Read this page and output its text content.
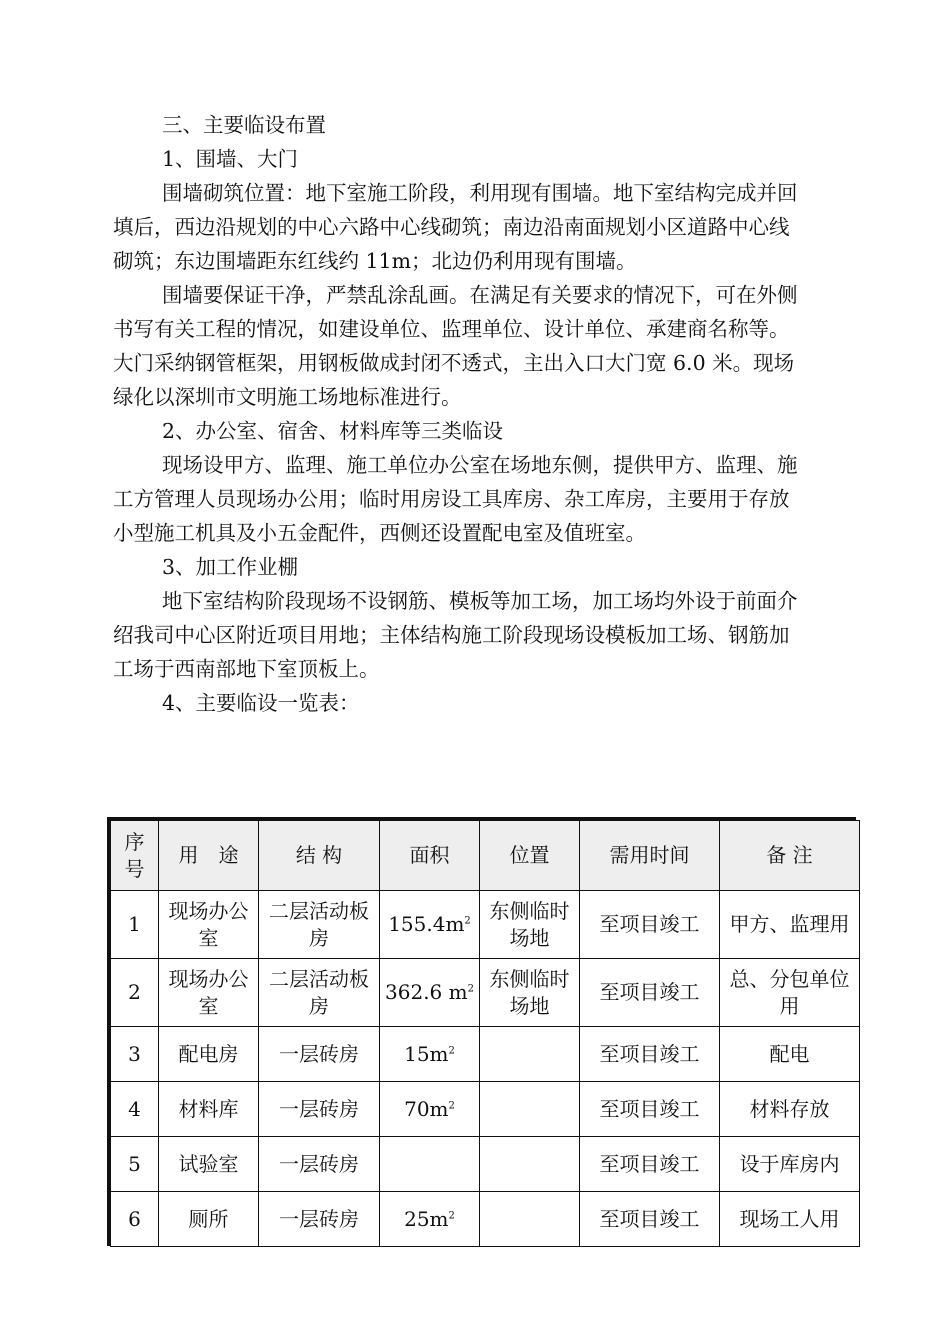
三、主要临设布置
1、围墙、大门
围墙砌筑位置：地下室施工阶段，利用现有围墙。地下室结构完成并回
填后，西边沿规划的中心六路中心线砌筑；南边沿南面规划小区道路中心线
砌筑；东边围墙距东红线约 11m；北边仍利用现有围墙。
围墙要保证干净，严禁乱涂乱画。在满足有关要求的情况下，可在外侧
书写有关工程的情况，如建设单位、监理单位、设计单位、承建商名称等。
大门采纳钢管框架，用钢板做成封闭不透式，主出入口大门宽 6.0 米。现场
绿化以深圳市文明施工场地标准进行。
2、办公室、宿舍、材料库等三类临设
现场设甲方、监理、施工单位办公室在场地东侧，提供甲方、监理、施
工方管理人员现场办公用；临时用房设工具库房、杂工库房，主要用于存放
小型施工机具及小五金配件，西侧还设置配电室及值班室。
3、加工作业棚
地下室结构阶段现场不设钢筋、模板等加工场，加工场均外设于前面介
绍我司中心区附近项目用地；主体结构施工阶段现场设模板加工场、钢筋加
工场于西南部地下室顶板上。
4、主要临设一览表：
序号	用　途	结 构	面积	位置	需用时间	备 注
1	现场办公室	二层活动板房	$155.4m^2$	东侧临时场地	至项目竣工	甲方、监理用
2	现场办公室	二层活动板房	362.6 $m^2$	东侧临时场地	至项目竣工	总、分包单位用
3	配电房	一层砖房	$15m^2$		至项目竣工	配电
4	材料库	一层砖房	$70m^2$		至项目竣工	材料存放
5	试验室	一层砖房			至项目竣工	设于库房内
6	厕所	一层砖房	$25m^2$		至项目竣工	现场工人用
